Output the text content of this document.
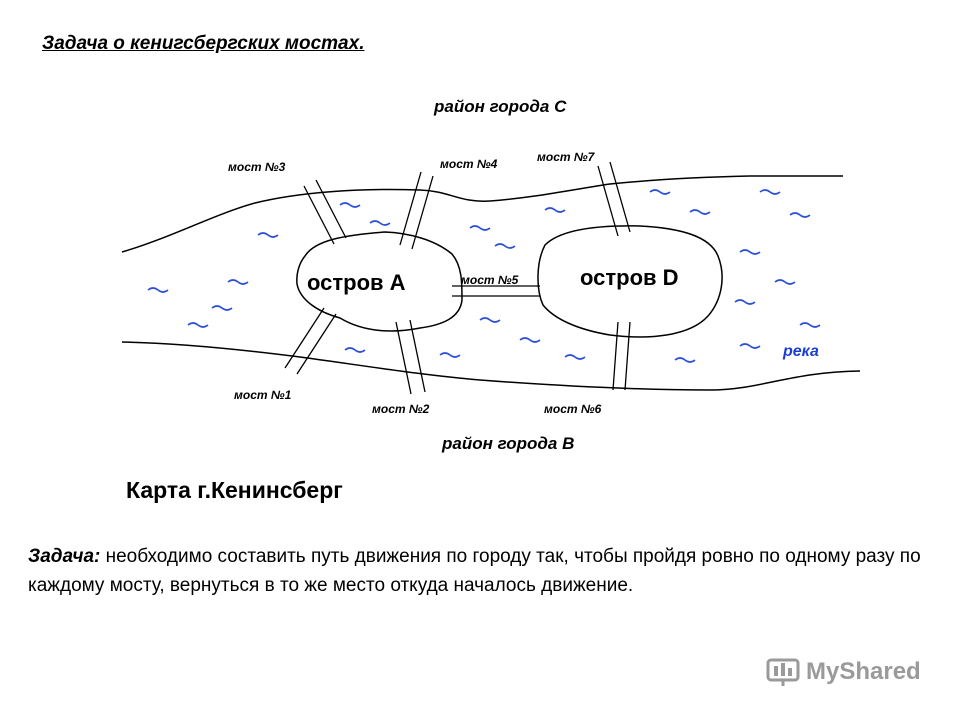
Задача о кенигсбергских мостах.
район города С
район города В
остров А	остров D
река
мост №1
мост №2
мост №3	мост №4
мост №5
мост №6
мост №7
Карта г.Кенинсберг
Задача: необходимо составить путь движения по городу так, чтобы пройдя ровно по одному разу по каждому мосту, вернуться в то же место откуда началось движение.
MyShared
